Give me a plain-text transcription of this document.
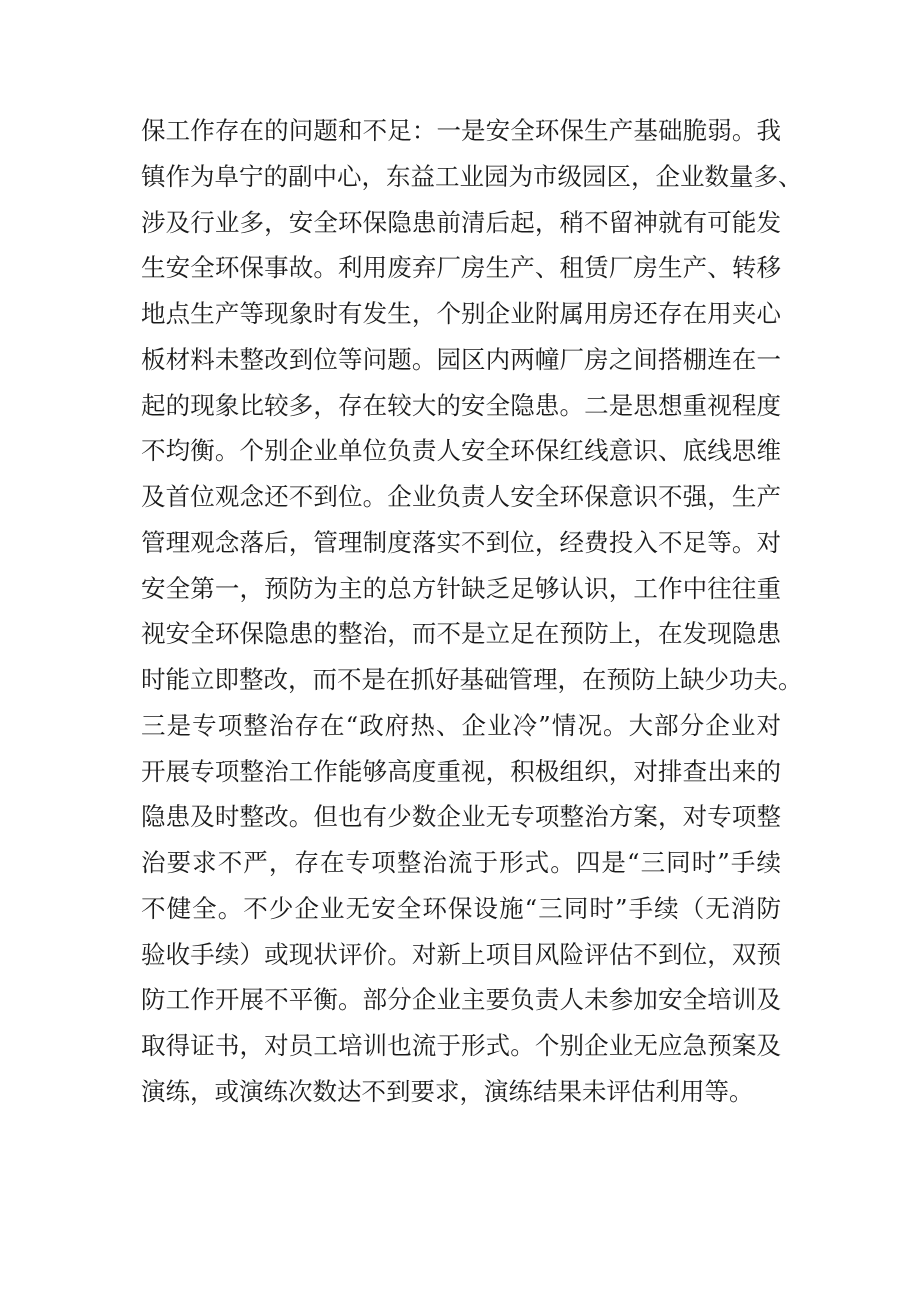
保工作存在的问题和不足：一是安全环保生产基础脆弱。我
镇作为阜宁的副中心，东益工业园为市级园区，企业数量多、
涉及行业多，安全环保隐患前清后起，稍不留神就有可能发
生安全环保事故。利用废弃厂房生产、租赁厂房生产、转移
地点生产等现象时有发生，个别企业附属用房还存在用夹心
板材料未整改到位等问题。园区内两幢厂房之间搭棚连在一
起的现象比较多，存在较大的安全隐患。二是思想重视程度
不均衡。个别企业单位负责人安全环保红线意识、底线思维
及首位观念还不到位。企业负责人安全环保意识不强，生产
管理观念落后，管理制度落实不到位，经费投入不足等。对
安全第一，预防为主的总方针缺乏足够认识，工作中往往重
视安全环保隐患的整治，而不是立足在预防上，在发现隐患
时能立即整改，而不是在抓好基础管理，在预防上缺少功夫。
三是专项整治存在“政府热、企业冷”情况。大部分企业对
开展专项整治工作能够高度重视，积极组织，对排查出来的
隐患及时整改。但也有少数企业无专项整治方案，对专项整
治要求不严，存在专项整治流于形式。四是“三同时”手续
不健全。不少企业无安全环保设施“三同时”手续（无消防
验收手续）或现状评价。对新上项目风险评估不到位，双预
防工作开展不平衡。部分企业主要负责人未参加安全培训及
取得证书，对员工培训也流于形式。个别企业无应急预案及
演练，或演练次数达不到要求，演练结果未评估利用等。
